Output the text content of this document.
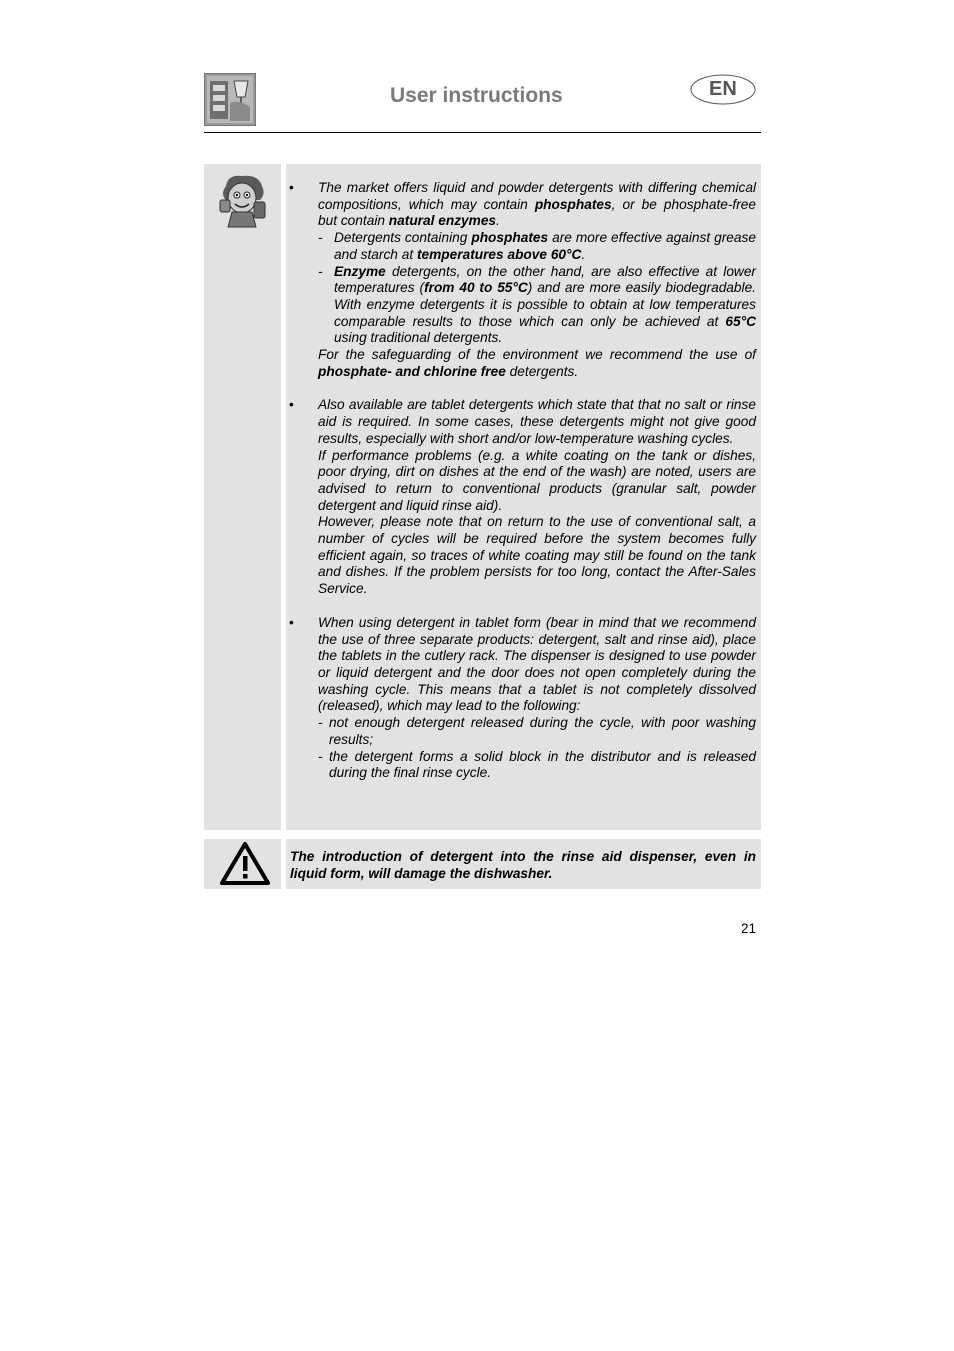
User instructions	EN
• The market offers liquid and powder detergents with differing chemical compositions, which may contain phosphates, or be phosphate-free but contain natural enzymes.
- Detergents containing phosphates are more effective against grease and starch at temperatures above 60°C.
- Enzyme detergents, on the other hand, are also effective at lower temperatures (from 40 to 55°C) and are more easily biodegradable. With enzyme detergents it is possible to obtain at low temperatures comparable results to those which can only be achieved at 65°C using traditional detergents.
For the safeguarding of the environment we recommend the use of phosphate- and chlorine free detergents.
• Also available are tablet detergents which state that that no salt or rinse aid is required. In some cases, these detergents might not give good results, especially with short and/or low-temperature washing cycles.
If performance problems (e.g. a white coating on the tank or dishes, poor drying, dirt on dishes at the end of the wash) are noted, users are advised to return to conventional products (granular salt, powder detergent and liquid rinse aid).
However, please note that on return to the use of conventional salt, a number of cycles will be required before the system becomes fully efficient again, so traces of white coating may still be found on the tank and dishes. If the problem persists for too long, contact the After-Sales Service.
• When using detergent in tablet form (bear in mind that we recommend the use of three separate products: detergent, salt and rinse aid), place the tablets in the cutlery rack. The dispenser is designed to use powder or liquid detergent and the door does not open completely during the washing cycle. This means that a tablet is not completely dissolved (released), which may lead to the following:
- not enough detergent released during the cycle, with poor washing results;
- the detergent forms a solid block in the distributor and is released during the final rinse cycle.
The introduction of detergent into the rinse aid dispenser, even in liquid form, will damage the dishwasher.
21
